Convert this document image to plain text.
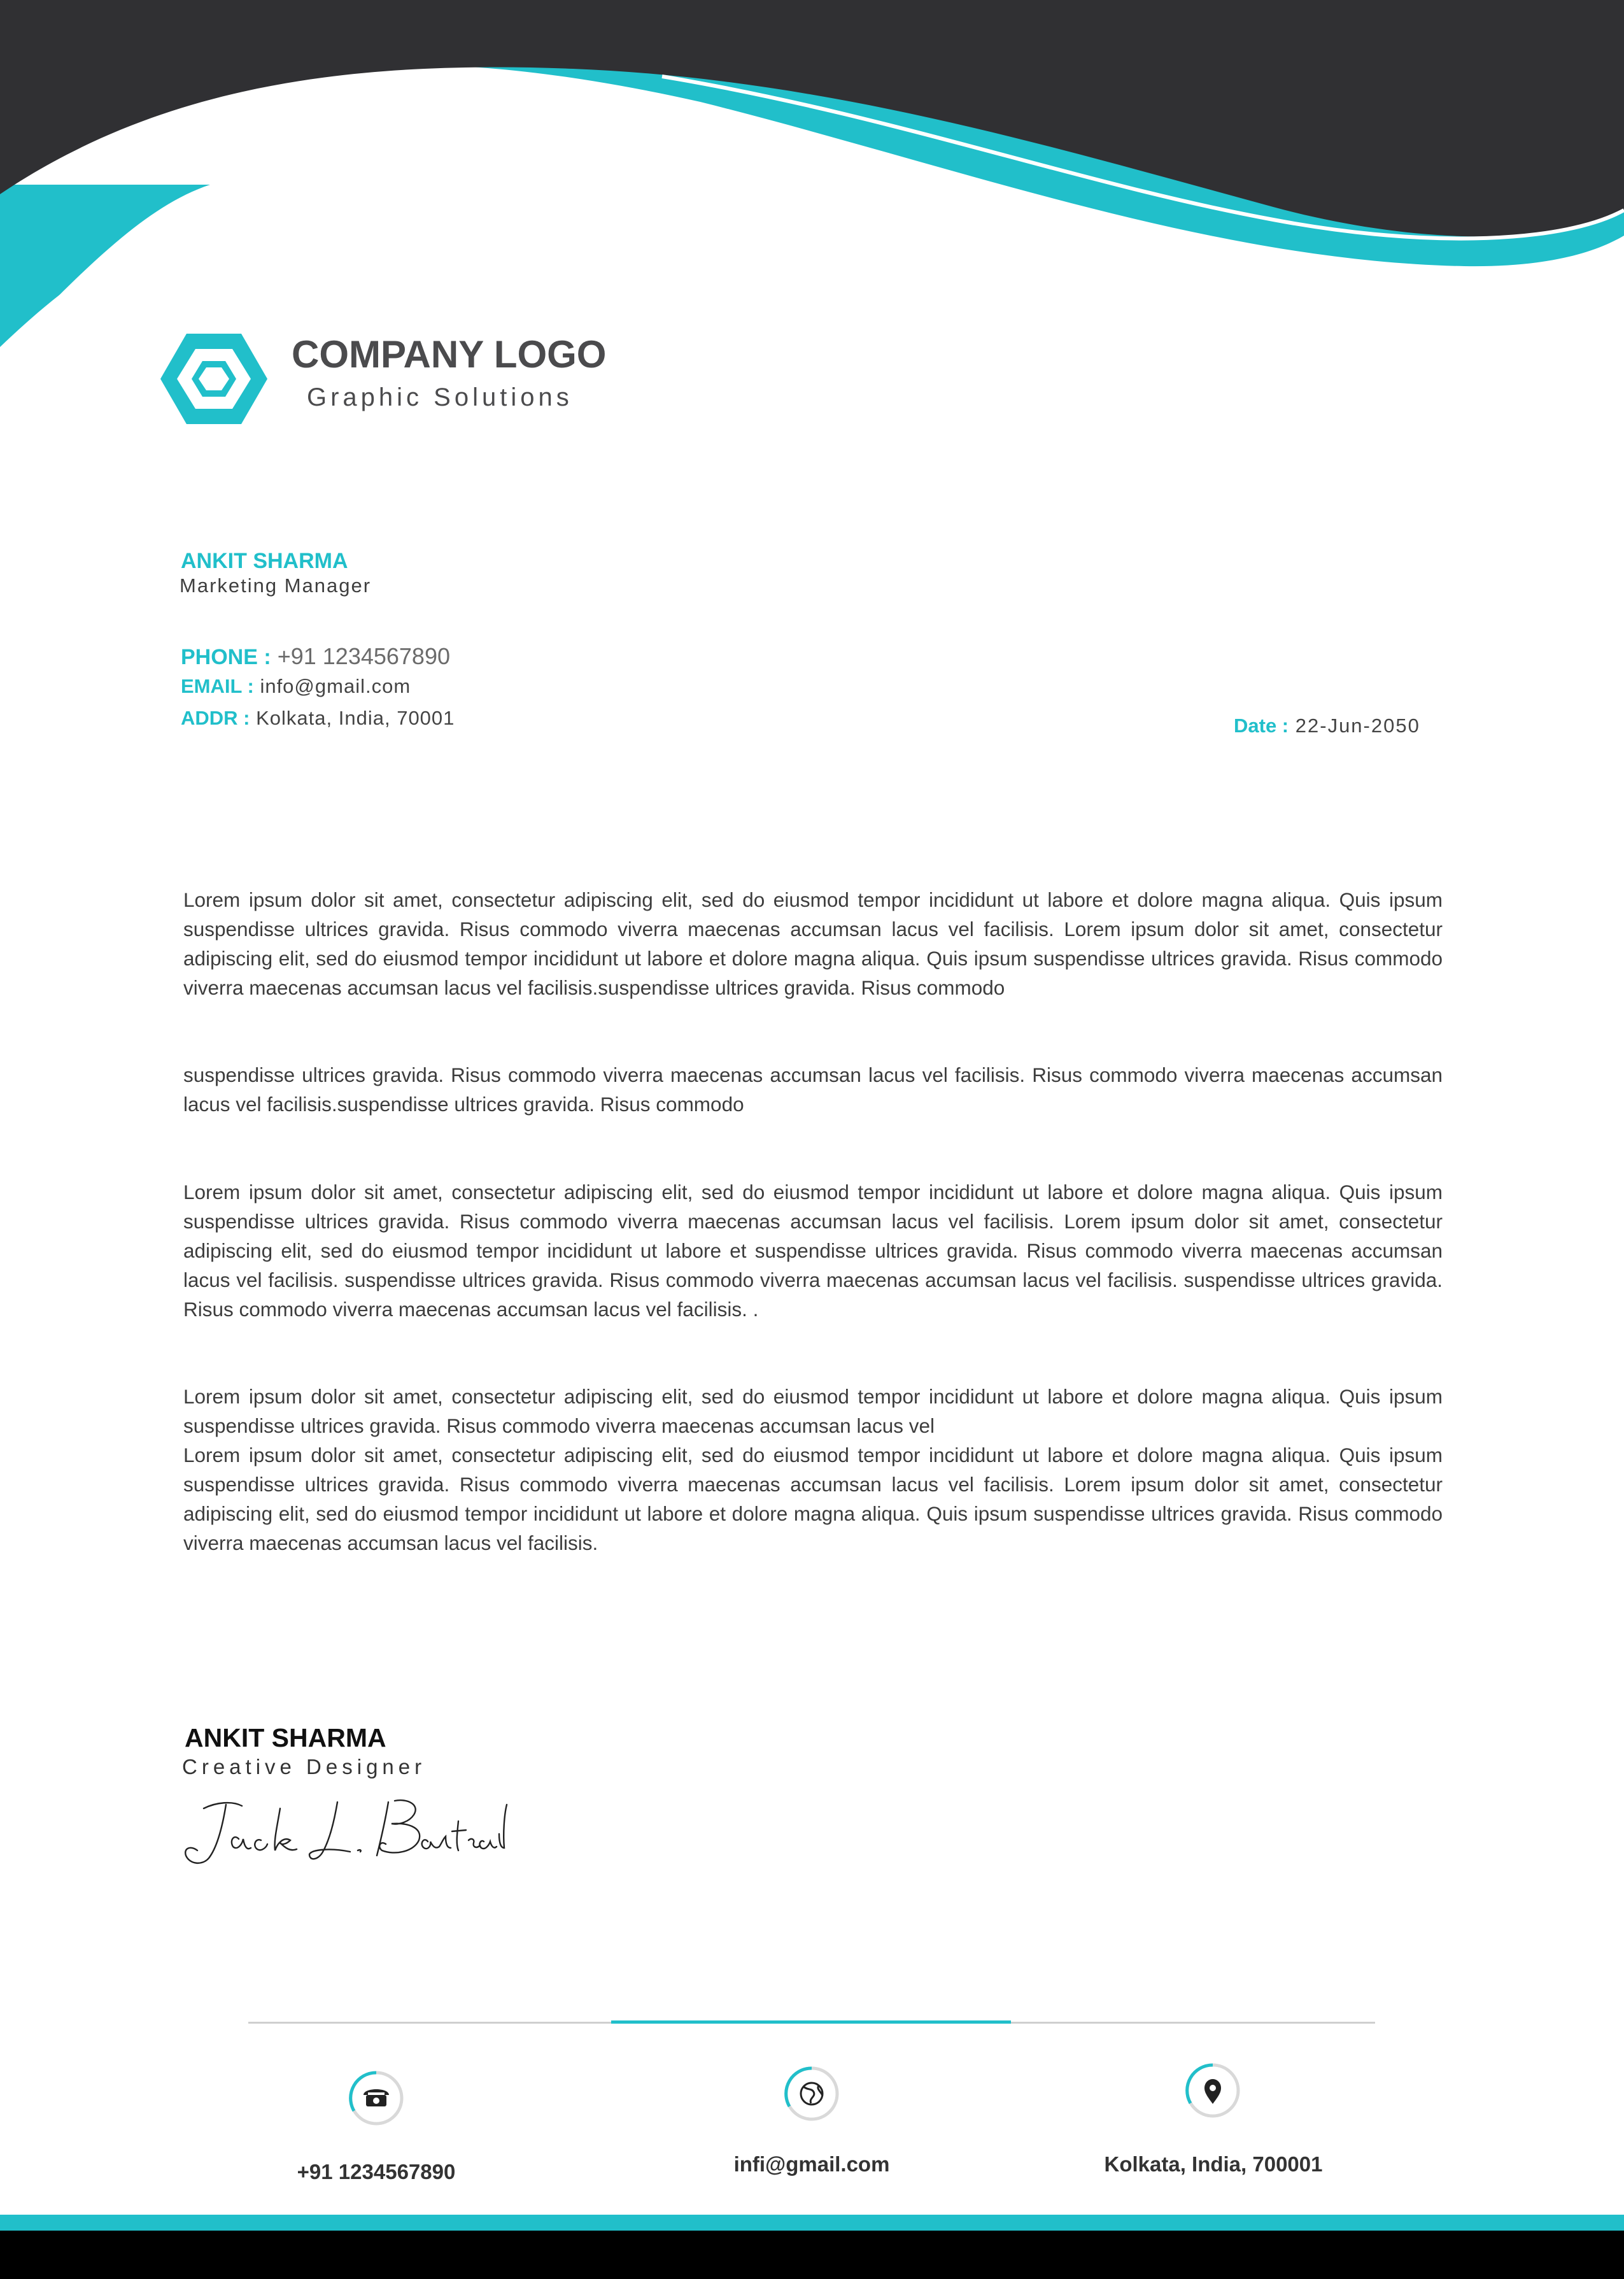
COMPANY LOGO
Graphic Solutions
ANKIT SHARMA
Marketing Manager
PHONE : +91 1234567890
EMAIL : info@gmail.com
ADDR : Kolkata, India, 70001	Date : 22-Jun-2050
Lorem ipsum dolor sit amet, consectetur adipiscing elit, sed do eiusmod tempor incididunt ut labore et dolore magna aliqua. Quis ipsum suspendisse ultrices gravida. Risus commodo viverra maecenas accumsan lacus vel facilisis. Lorem ipsum dolor sit amet, consectetur adipiscing elit, sed do eiusmod tempor incididunt ut labore et dolore magna aliqua. Quis ipsum suspendisse ultrices gravida. Risus commodo viverra maecenas accumsan lacus vel facilisis.suspendisse ultrices gravida. Risus commodo
suspendisse ultrices gravida. Risus commodo viverra maecenas accumsan lacus vel facilisis. Risus commodo viverra maecenas accumsan lacus vel facilisis.suspendisse ultrices gravida. Risus commodo
Lorem ipsum dolor sit amet, consectetur adipiscing elit, sed do eiusmod tempor incididunt ut labore et dolore magna aliqua. Quis ipsum suspendisse ultrices gravida. Risus commodo viverra maecenas accumsan lacus vel facilisis. Lorem ipsum dolor sit amet, consectetur adipiscing elit, sed do eiusmod tempor incididunt ut labore et suspendisse ultrices gravida. Risus commodo viverra maecenas accumsan lacus vel facilisis. suspendisse ultrices gravida. Risus commodo viverra maecenas accumsan lacus vel facilisis. suspendisse ultrices gravida. Risus commodo viverra maecenas accumsan lacus vel facilisis. .
Lorem ipsum dolor sit amet, consectetur adipiscing elit, sed do eiusmod tempor incididunt ut labore et dolore magna aliqua. Quis ipsum suspendisse ultrices gravida. Risus commodo viverra maecenas accumsan lacus vel
Lorem ipsum dolor sit amet, consectetur adipiscing elit, sed do eiusmod tempor incididunt ut labore et dolore magna aliqua. Quis ipsum suspendisse ultrices gravida. Risus commodo viverra maecenas accumsan lacus vel facilisis. Lorem ipsum dolor sit amet, consectetur adipiscing elit, sed do eiusmod tempor incididunt ut labore et dolore magna aliqua. Quis ipsum suspendisse ultrices gravida. Risus commodo viverra maecenas accumsan lacus vel facilisis.
ANKIT SHARMA
Creative Designer
+91 1234567890	infi@gmail.com	Kolkata, India, 700001
